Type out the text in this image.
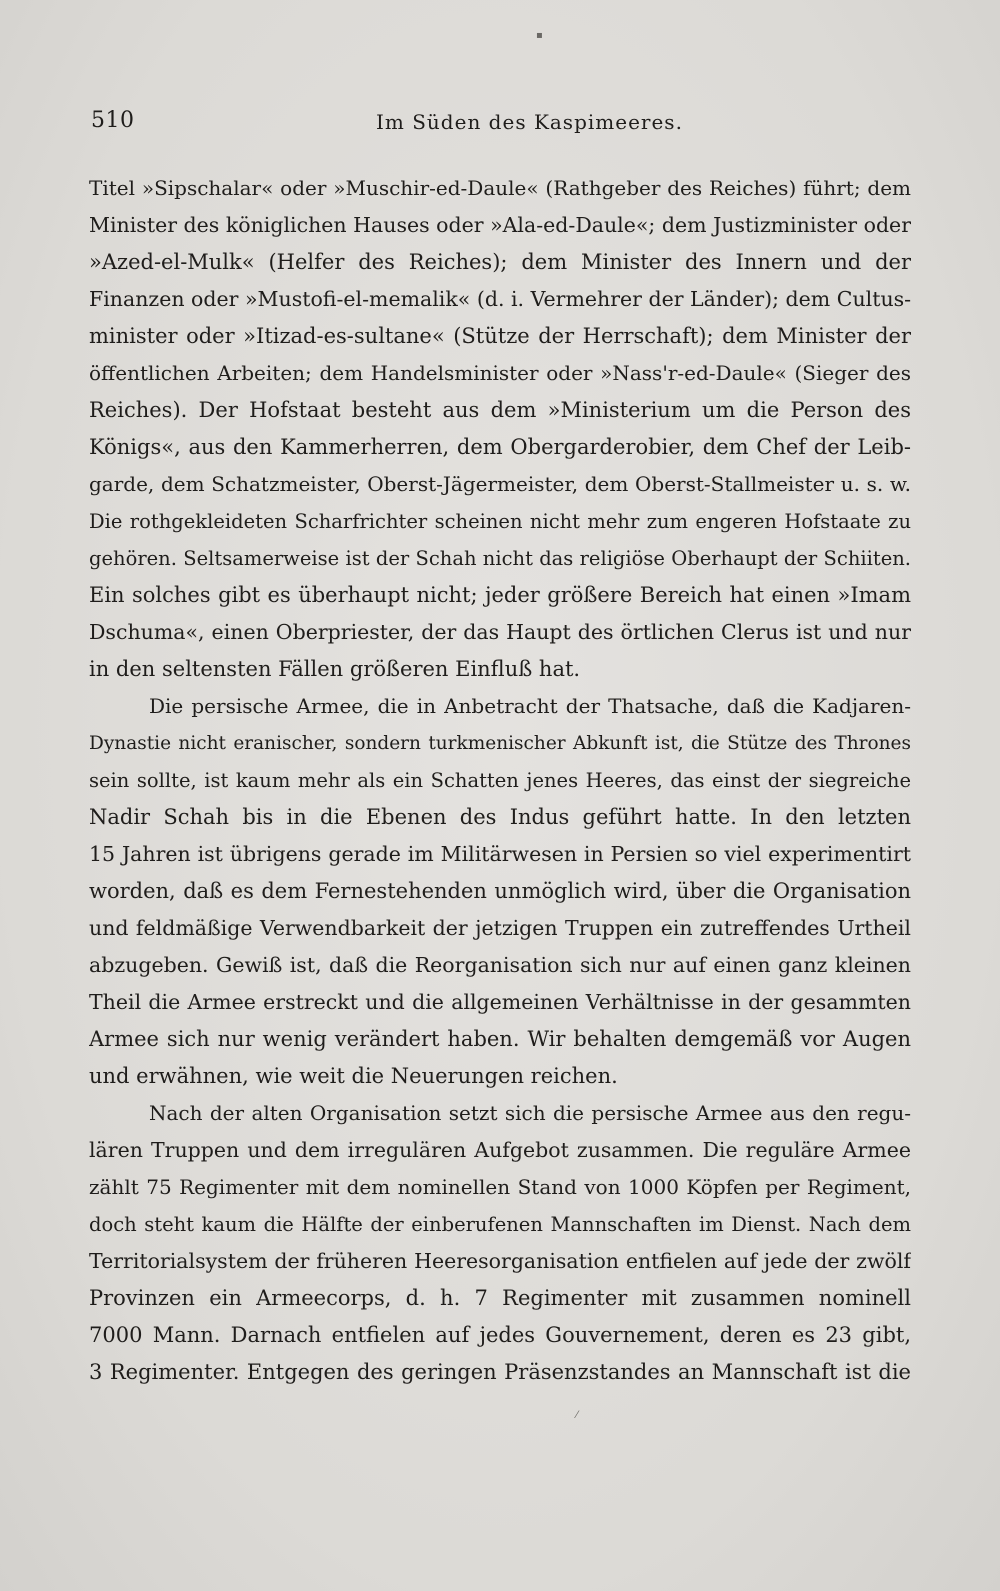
510	Im Süden des Kaspimeeres.
Titel »Sipschalar« oder »Muschir-ed-Daule« (Rathgeber des Reiches) führt; dem
Minister des königlichen Hauses oder »Ala-ed-Daule«; dem Justizminister oder
»Azed-el-Mulk« (Helfer des Reiches); dem Minister des Innern und der
Finanzen oder »Mustofi-el-memalik« (d. i. Vermehrer der Länder); dem Cultus-
minister oder »Itizad-es-sultane« (Stütze der Herrschaft); dem Minister der
öffentlichen Arbeiten; dem Handelsminister oder »Nass'r-ed-Daule« (Sieger des
Reiches). Der Hofstaat besteht aus dem »Ministerium um die Person des
Königs«, aus den Kammerherren, dem Obergarderobier, dem Chef der Leib-
garde, dem Schatzmeister, Oberst-Jägermeister, dem Oberst-Stallmeister u. s. w.
Die rothgekleideten Scharfrichter scheinen nicht mehr zum engeren Hofstaate zu
gehören. Seltsamerweise ist der Schah nicht das religiöse Oberhaupt der Schiiten.
Ein solches gibt es überhaupt nicht; jeder größere Bereich hat einen »Imam
Dschuma«, einen Oberpriester, der das Haupt des örtlichen Clerus ist und nur
in den seltensten Fällen größeren Einfluß hat.
Die persische Armee, die in Anbetracht der Thatsache, daß die Kadjaren-
Dynastie nicht eranischer, sondern turkmenischer Abkunft ist, die Stütze des Thrones
sein sollte, ist kaum mehr als ein Schatten jenes Heeres, das einst der siegreiche
Nadir Schah bis in die Ebenen des Indus geführt hatte. In den letzten
15 Jahren ist übrigens gerade im Militärwesen in Persien so viel experimentirt
worden, daß es dem Fernestehenden unmöglich wird, über die Organisation
und feldmäßige Verwendbarkeit der jetzigen Truppen ein zutreffendes Urtheil
abzugeben. Gewiß ist, daß die Reorganisation sich nur auf einen ganz kleinen
Theil die Armee erstreckt und die allgemeinen Verhältnisse in der gesammten
Armee sich nur wenig verändert haben. Wir behalten demgemäß vor Augen
und erwähnen, wie weit die Neuerungen reichen.
Nach der alten Organisation setzt sich die persische Armee aus den regu-
lären Truppen und dem irregulären Aufgebot zusammen. Die reguläre Armee
zählt 75 Regimenter mit dem nominellen Stand von 1000 Köpfen per Regiment,
doch steht kaum die Hälfte der einberufenen Mannschaften im Dienst. Nach dem
Territorialsystem der früheren Heeresorganisation entfielen auf jede der zwölf
Provinzen ein Armeecorps, d. h. 7 Regimenter mit zusammen nominell
7000 Mann. Darnach entfielen auf jedes Gouvernement, deren es 23 gibt,
3 Regimenter. Entgegen des geringen Präsenzstandes an Mannschaft ist die
▪
⁄
